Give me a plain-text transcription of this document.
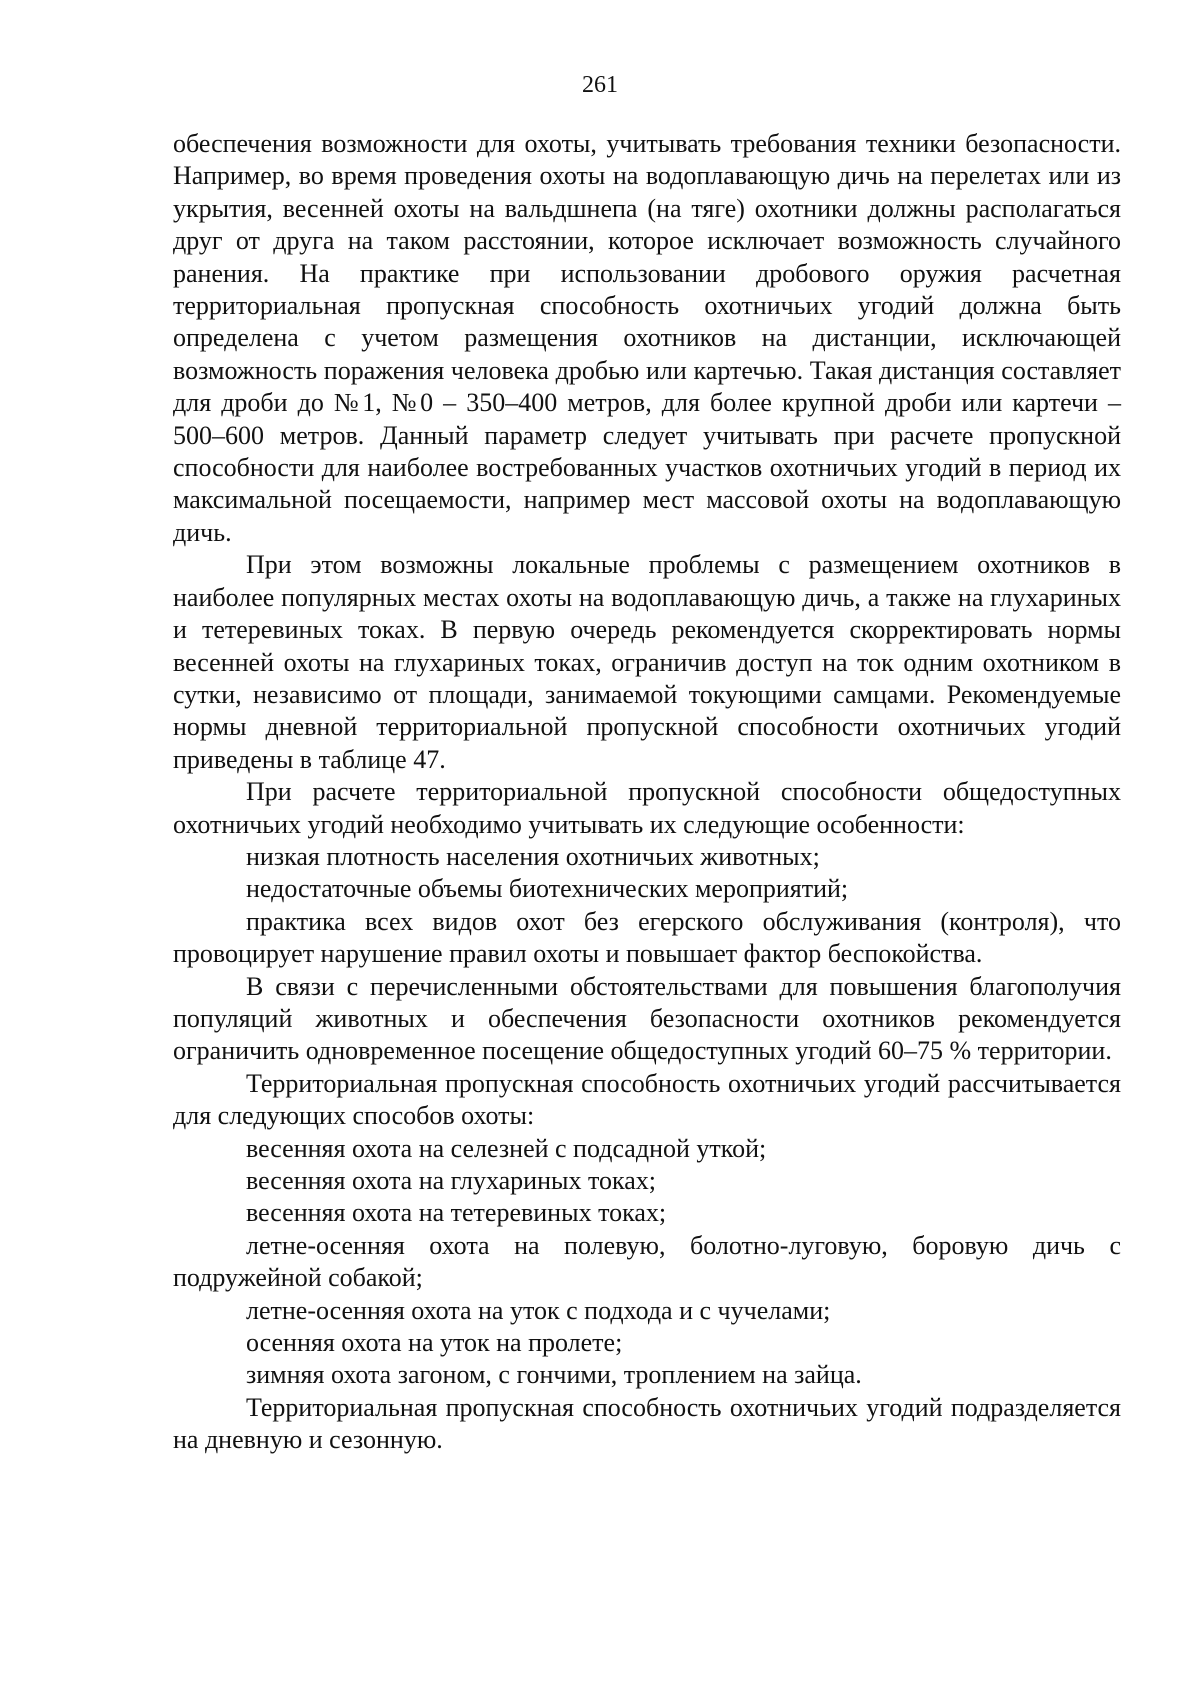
261

обеспечения возможности для охоты, учитывать требования техники безопасности. Например, во время проведения охоты на водоплавающую дичь на перелетах или из укрытия, весенней охоты на вальдшнепа (на тяге) охотники должны располагаться друг от друга на таком расстоянии, которое исключает возможность случайного ранения. На практике при использовании дробового оружия расчетная территориальная пропускная способность охотничьих угодий должна быть определена с учетом размещения охотников на дистанции, исключающей возможность поражения человека дробью или картечью. Такая дистанция составляет для дроби до №1, №0 – 350–400 метров, для более крупной дроби или картечи – 500–600 метров. Данный параметр следует учитывать при расчете пропускной способности для наиболее востребованных участков охотничьих угодий в период их максимальной посещаемости, например мест массовой охоты на водоплавающую дичь.

При этом возможны локальные проблемы с размещением охотников в наиболее популярных местах охоты на водоплавающую дичь, а также на глухариных и тетеревиных токах. В первую очередь рекомендуется скорректировать нормы весенней охоты на глухариных токах, ограничив доступ на ток одним охотником в сутки, независимо от площади, занимаемой токующими самцами. Рекомендуемые нормы дневной территориальной пропускной способности охотничьих угодий приведены в таблице 47.

При расчете территориальной пропускной способности общедоступных охотничьих угодий необходимо учитывать их следующие особенности:

низкая плотность населения охотничьих животных;

недостаточные объемы биотехнических мероприятий;

практика всех видов охот без егерского обслуживания (контроля), что провоцирует нарушение правил охоты и повышает фактор беспокойства.

В связи с перечисленными обстоятельствами для повышения благополучия популяций животных и обеспечения безопасности охотников рекомендуется ограничить одновременное посещение общедоступных угодий 60–75 % территории.

Территориальная пропускная способность охотничьих угодий рассчитывается для следующих способов охоты:

весенняя охота на селезней с подсадной уткой;

весенняя охота на глухариных токах;

весенняя охота на тетеревиных токах;

летне-осенняя охота на полевую, болотно-луговую, боровую дичь с подружейной собакой;

летне-осенняя охота на уток с подхода и с чучелами;

осенняя охота на уток на пролете;

зимняя охота загоном, с гончими, троплением на зайца.

Территориальная пропускная способность охотничьих угодий подразделяется на дневную и сезонную.
